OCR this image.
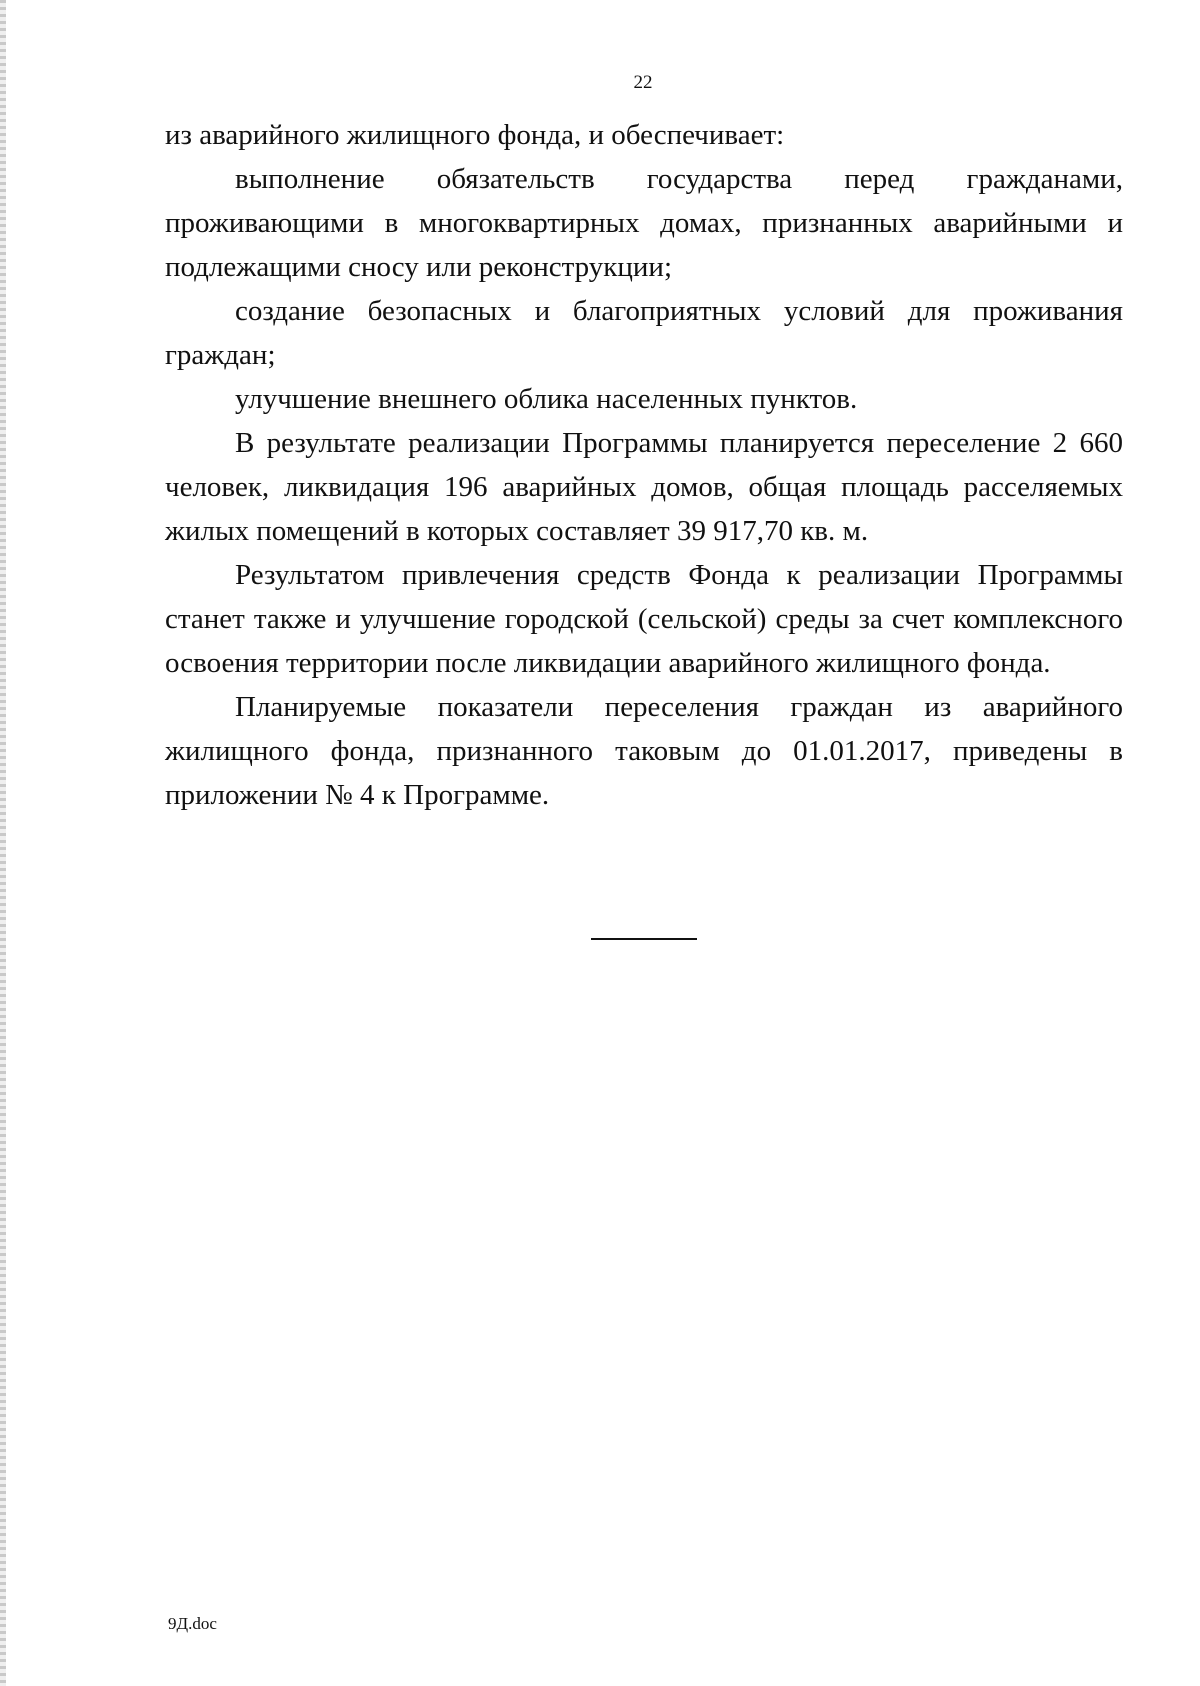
22

из аварийного жилищного фонда, и обеспечивает:

выполнение обязательств государства перед гражданами, проживающими в многоквартирных домах, признанных аварийными и подлежащими сносу или реконструкции;

создание безопасных и благоприятных условий для проживания граждан;

улучшение внешнего облика населенных пунктов.

В результате реализации Программы планируется переселение 2 660 человек, ликвидация 196 аварийных домов, общая площадь расселяемых жилых помещений в которых составляет 39 917,70 кв. м.

Результатом привлечения средств Фонда к реализации Программы станет также и улучшение городской (сельской) среды за счет комплексного освоения территории после ликвидации аварийного жилищного фонда.

Планируемые показатели переселения граждан из аварийного жилищного фонда, признанного таковым до 01.01.2017, приведены в приложении № 4 к Программе.

9Д.doc
